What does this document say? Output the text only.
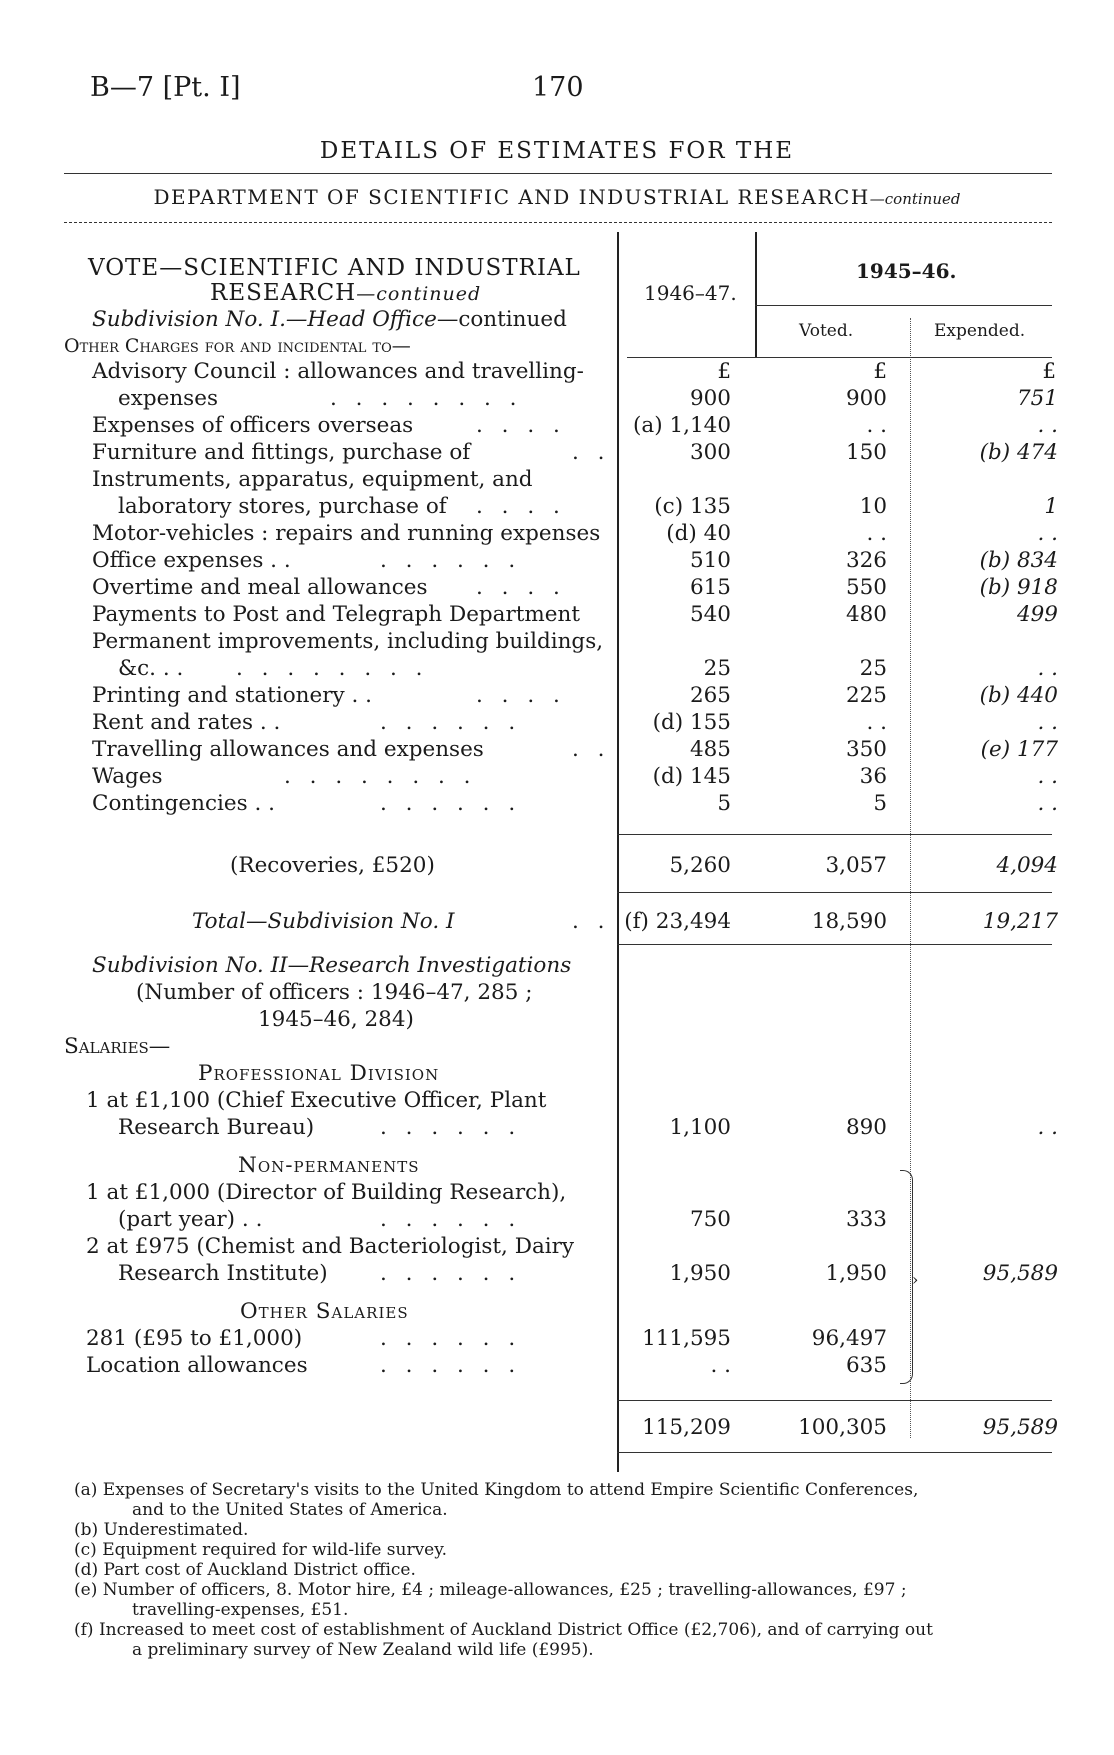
B—7 [Pt. I]	170
DETAILS OF ESTIMATES FOR THE
DEPARTMENT OF SCIENTIFIC AND INDUSTRIAL RESEARCH—continued
1946–47.
1945–46.
Voted.	Expended.
VOTE—SCIENTIFIC AND INDUSTRIAL
RESEARCH—continued
Subdivision No. I.—Head Office—continued
Other Charges for and incidental to—
£	£	£
Advisory Council : allowances and travelling-
expenses	. . . . . . . .	900	900	751
Expenses of officers overseas	. . . .	(a) 1,140	. .	. .
Furniture and fittings, purchase of	. .	300	150	(b) 474
Instruments, apparatus, equipment, and
laboratory stores, purchase of . . . .	(c) 135	10	1
Motor-vehicles : repairs and running expenses	(d) 40	. .	. .
Office expenses . .	. . . . . .	510	326	(b) 834
Overtime and meal allowances . . . .	615	550	(b) 918
Payments to Post and Telegraph Department	540	480	499
Permanent improvements, including buildings,
&c. . . . . . . . . . .	25	25	. .
Printing and stationery . .	. . . .	265	225	(b) 440
Rent and rates . .	. . . . . .	(d) 155	. .	. .
Travelling allowances and expenses	. .	485	350	(e) 177
Wages	. . . . . . . .	(d) 145	36	. .
Contingencies . .	. . . . . .	5	5	. .
(Recoveries, £520)	5,260	3,057	4,094
Total—Subdivision No. I	. . (f) 23,494	18,590	19,217
Subdivision No. II—Research Investigations
(Number of officers : 1946–47, 285 ;
1945–46, 284)
Salaries—
Professional Division
1 at £1,100 (Chief Executive Officer, Plant
Research Bureau)	. . . . . .	1,100	890	. .
Non-permanents
1 at £1,000 (Director of Building Research),
(part year) . .	. . . . . .	750	333
2 at £975 (Chemist and Bacteriologist, Dairy
Research Institute) . . . . . .	1,950	1,950	95,589
Other Salaries
281 (£95 to £1,000)	. . . . . .	111,595	96,497
Location allowances	. . . . . .	. .	635
›
115,209	100,305	95,589
(a) Expenses of Secretary's visits to the United Kingdom to attend Empire Scientific Conferences,
and to the United States of America.
(b) Underestimated.
(c) Equipment required for wild-life survey.
(d) Part cost of Auckland District office.
(e) Number of officers, 8. Motor hire, £4 ; mileage-allowances, £25 ; travelling-allowances, £97 ;
travelling-expenses, £51.
(f) Increased to meet cost of establishment of Auckland District Office (£2,706), and of carrying out
a preliminary survey of New Zealand wild life (£995).
